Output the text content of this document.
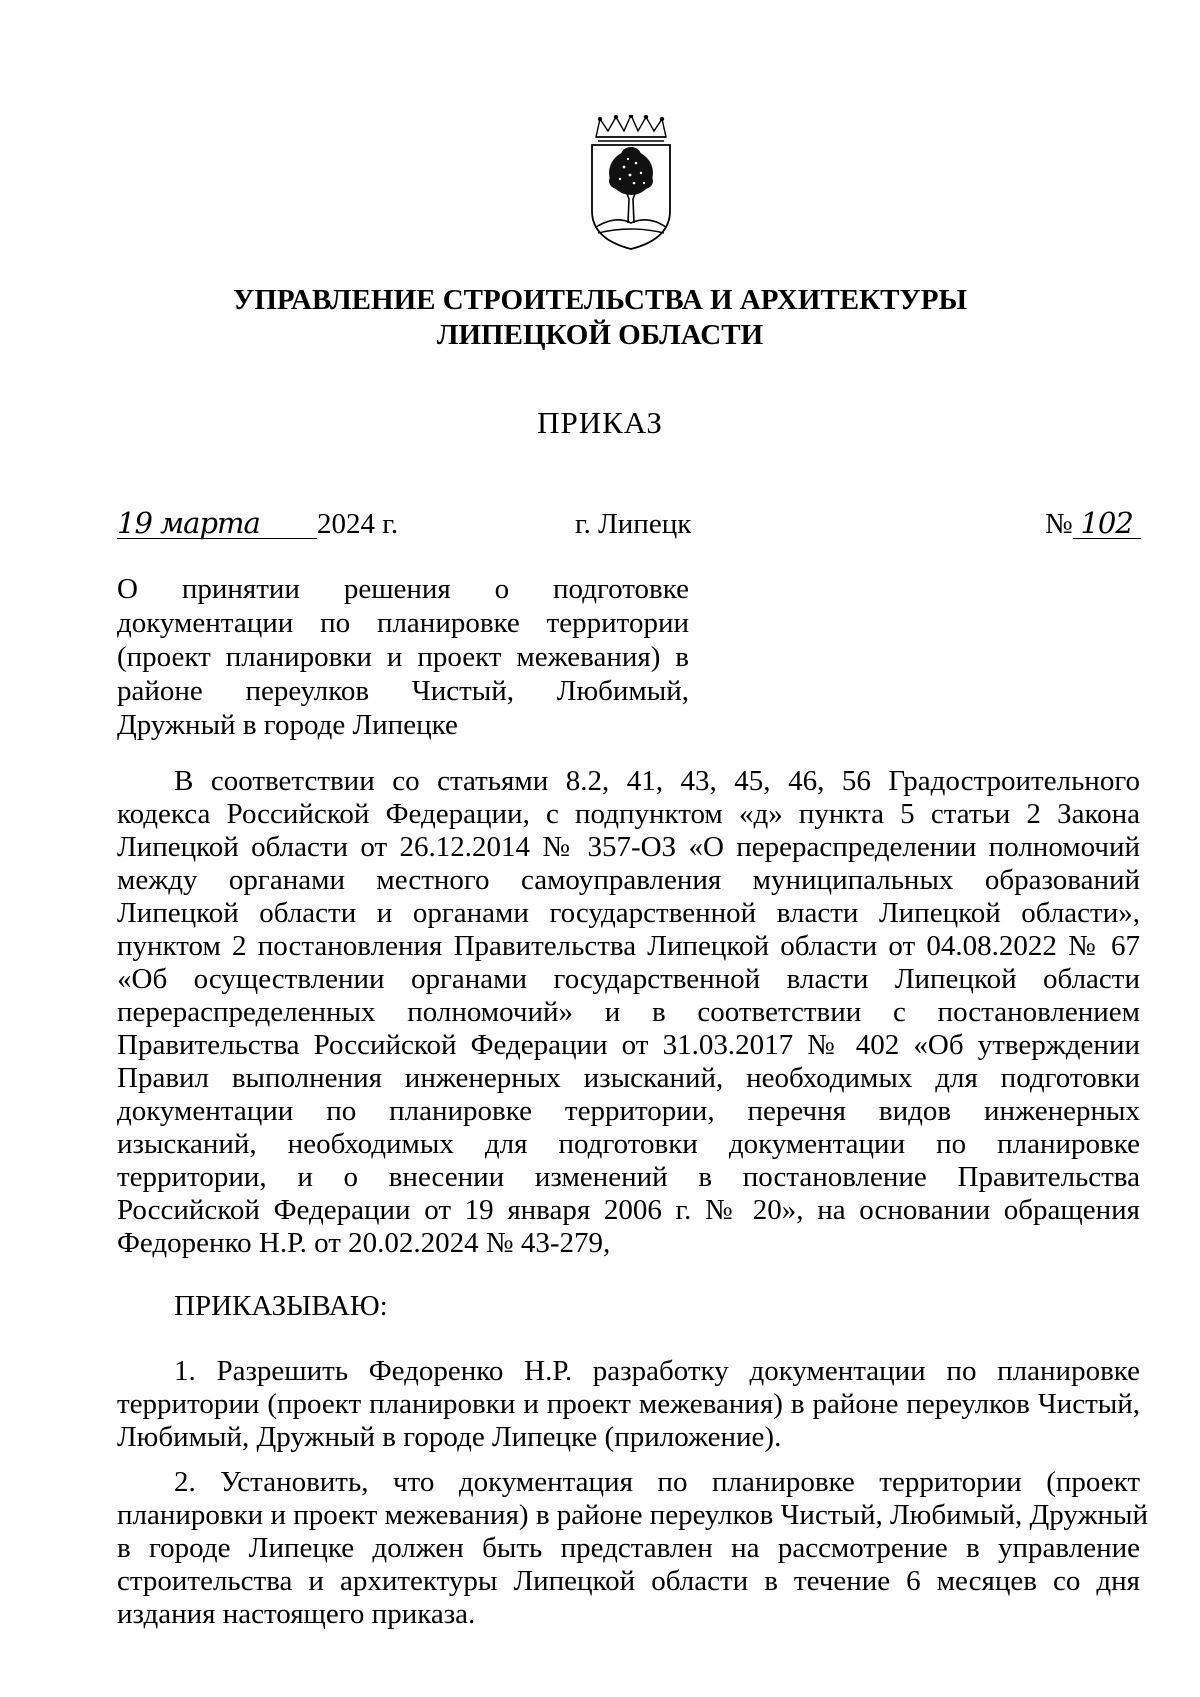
УПРАВЛЕНИЕ СТРОИТЕЛЬСТВА И АРХИТЕКТУРЫ
ЛИПЕЦКОЙ ОБЛАСТИ
ПРИКАЗ
19 марта 2024 г.	г. Липецк	№ 102
О принятии решения о подготовке
документации по планировке территории
(проект планировки и проект межевания) в
районе переулков Чистый, Любимый,
Дружный в городе Липецке
В соответствии со статьями 8.2, 41, 43, 45, 46, 56 Градостроительного
кодекса Российской Федерации, с подпунктом «д» пункта 5 статьи 2 Закона
Липецкой области от 26.12.2014 № 357-ОЗ «О перераспределении полномочий
между органами местного самоуправления муниципальных образований
Липецкой области и органами государственной власти Липецкой области»,
пунктом 2 постановления Правительства Липецкой области от 04.08.2022 № 67
«Об осуществлении органами государственной власти Липецкой области
перераспределенных полномочий» и в соответствии с постановлением
Правительства Российской Федерации от 31.03.2017 № 402 «Об утверждении
Правил выполнения инженерных изысканий, необходимых для подготовки
документации по планировке территории, перечня видов инженерных
изысканий, необходимых для подготовки документации по планировке
территории, и о внесении изменений в постановление Правительства
Российской Федерации от 19 января 2006 г. № 20», на основании обращения
Федоренко Н.Р. от 20.02.2024 № 43-279,
ПРИКАЗЫВАЮ:
1. Разрешить Федоренко Н.Р. разработку документации по планировке
территории (проект планировки и проект межевания) в районе переулков Чистый,
Любимый, Дружный в городе Липецке (приложение).
2. Установить, что документация по планировке территории (проект
планировки и проект межевания) в районе переулков Чистый, Любимый, Дружный
в городе Липецке должен быть представлен на рассмотрение в управление
строительства и архитектуры Липецкой области в течение 6 месяцев со дня
издания настоящего приказа.
